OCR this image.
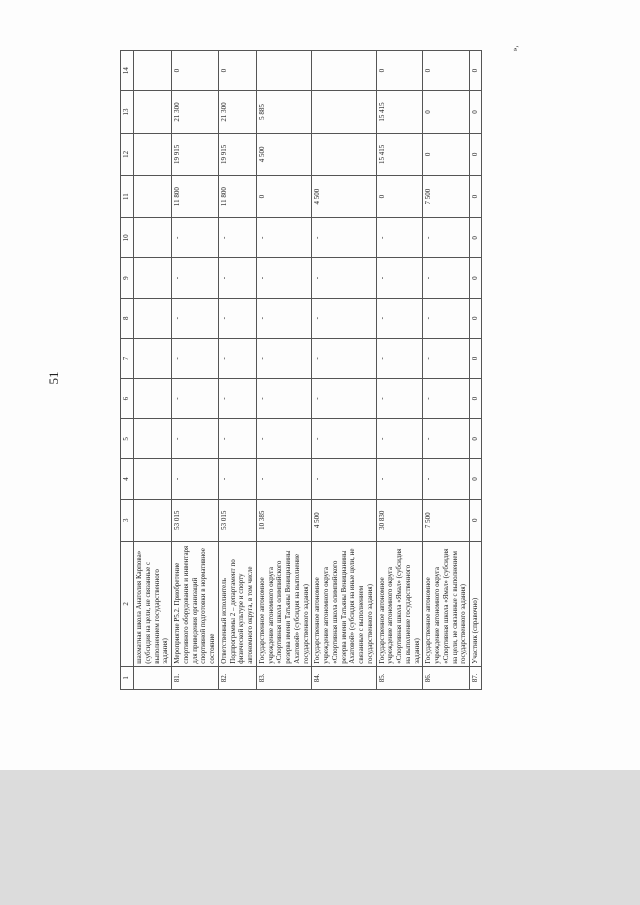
51
»,
1	2	3	4	5	6	7	8	9	10	11	12	13	14
	шахматная школа Анатолия Карпова» (субсидия на цели, не связанные с выполнением государственного задания)												
81.	Мероприятие P5.2. Приобретение спортивного оборудования и инвентаря для приведения организаций спортивной подготовки в нормативное состояние	53 015	-	-	-	-	-	-	-	11 800	19 915	21 300	0
82.	Ответственный исполнитель Подпрограммы 2 – департамент по физической культуре и спорту автономного округа, в том числе	53 015	-	-	-	-	-	-	-	11 800	19 915	21 300	0
83.	Государственное автономное учреждение автономного округа «Спортивная школа олимпийского резерва имени Татьяны Веницианины Ахатовой» (субсидия на выполнение государственного задания)	10 385	-	-	-	-	-	-	-	0	4 500	5 885	
84.	Государственное автономное учреждение автономного округа «Спортивная школа олимпийского резерва имени Татьяны Веницианины Ахатовой» (субсидия на иные цели, не связанные с выполнением государственного задания)	4 500	-	-	-	-	-	-	-	4 500			
85.	Государственное автономное учреждение автономного округа «Спортивная школа «Ямал» (субсидия на выполнение государственного задания)	30 830	-	-	-	-	-	-	-	0	15 415	15 415	0
86.	Государственное автономное учреждение автономного округа «Спортивная школа «Ямал» (субсидия на цели, не связанные с выполнением государственного задания)	7 500	-	-	-	-	-	-	-	7 500	0	0	0
87.	Участник (справочно)	0	0	0	0	0	0	0	0	0	0	0	0
